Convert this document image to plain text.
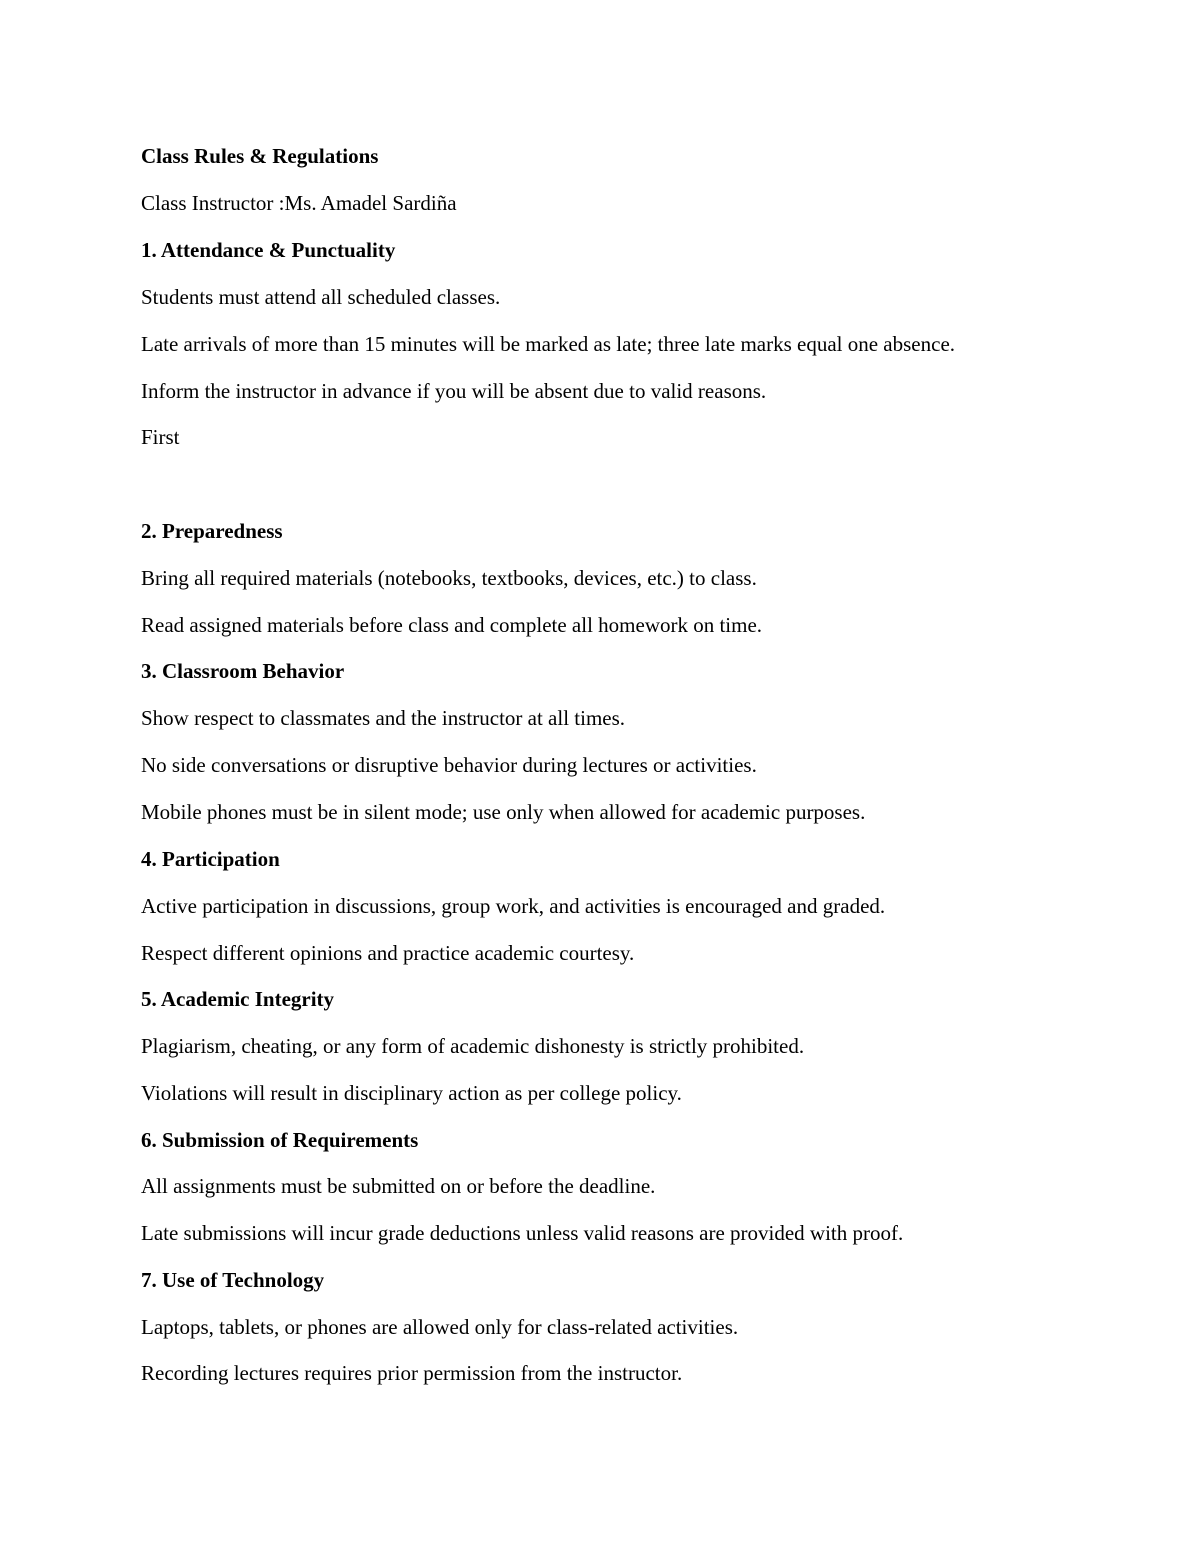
Class Rules & Regulations
Class Instructor :Ms. Amadel Sardiña
1. Attendance & Punctuality
Students must attend all scheduled classes.
Late arrivals of more than 15 minutes will be marked as late; three late marks equal one absence.
Inform the instructor in advance if you will be absent due to valid reasons.
First
2. Preparedness
Bring all required materials (notebooks, textbooks, devices, etc.) to class.
Read assigned materials before class and complete all homework on time.
3. Classroom Behavior
Show respect to classmates and the instructor at all times.
No side conversations or disruptive behavior during lectures or activities.
Mobile phones must be in silent mode; use only when allowed for academic purposes.
4. Participation
Active participation in discussions, group work, and activities is encouraged and graded.
Respect different opinions and practice academic courtesy.
5. Academic Integrity
Plagiarism, cheating, or any form of academic dishonesty is strictly prohibited.
Violations will result in disciplinary action as per college policy.
6. Submission of Requirements
All assignments must be submitted on or before the deadline.
Late submissions will incur grade deductions unless valid reasons are provided with proof.
7. Use of Technology
Laptops, tablets, or phones are allowed only for class-related activities.
Recording lectures requires prior permission from the instructor.
